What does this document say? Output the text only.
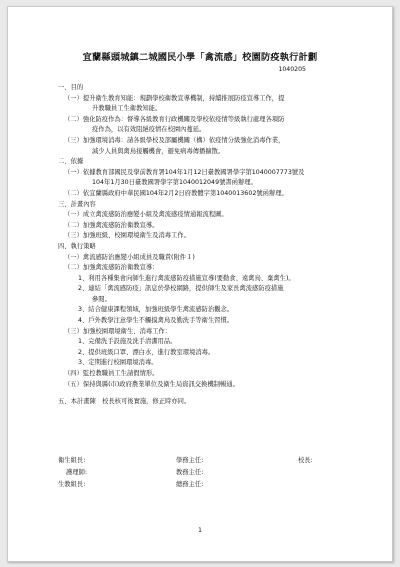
宜蘭縣頭城鎮二城國民小學「禽流感」校園防疫執行計劃
1040205
一、目的
（一）提升衛生教育知能：規劃學校衛教宣導機制，持續推展防疫宣導工作，提
升教職員工生衛教知能。
（二）強化防疫作為：督導各級教育行政機關及學校依疫情等級執行處理各項防
疫作為，以有效阻絕疫情在校園內蔓延。
（三）加強環境消毒：請各級學校及部屬機關（構）依疫情分級強化消毒作業，
減少人員與禽鳥接觸機會，避免病毒傳播擴散。
二、依據
（一）依據教育部國民及學前教育署104年1月12日臺教國署學字第1040007773號及
104年1月30日臺教國署學字第1040012049號書函辦理。
（二）依宜蘭縣政府中華民國104年2月2日府教體字第1040013602號函辦理。
三、計畫內容
（一）成立禽流感防治應變小組及禽流感疫情通報流程圖。
（二）加強禽流感防治衛教宣導。
（三）加強班級、校園環境衛生及消毒工作。
四、執行策略
（一）禽流感防治應變小組成員及職責(附件１)
（二）加強禽流感防治衛教宣導：
1、利用各種集會向師生進行禽流感防疫措施宣導(要勤食、遠禽鳥、棄禽生)。
2、連結「禽流感防疫」訊息於學校網路，提供師生及家長禽流感防疫措施
參閱。
3、結合健康課程領域，加強班級學生禽流感防治觀念。
4、戶外教學注意學生不觸摸禽鳥及勤洗手等衛生習慣。
（三）加強校園環境衛生、消毒工作：
1、完備洗手設施及洗手清潔用品。
2、提供班級口罩、漂白水，進行教室環境消毒。
3、定期進行校園環境消毒。
（四）監控教職員工生請假情形。
（五）保持與縣(市)政府農業單位及衛生局資訊交換機制暢通。
五、本計畫陳　校長核可後實施，修正時亦同。
衛生組長:	學務主任:	校長:
護理師:	教務主任:
生教組長:	總務主任:
1
